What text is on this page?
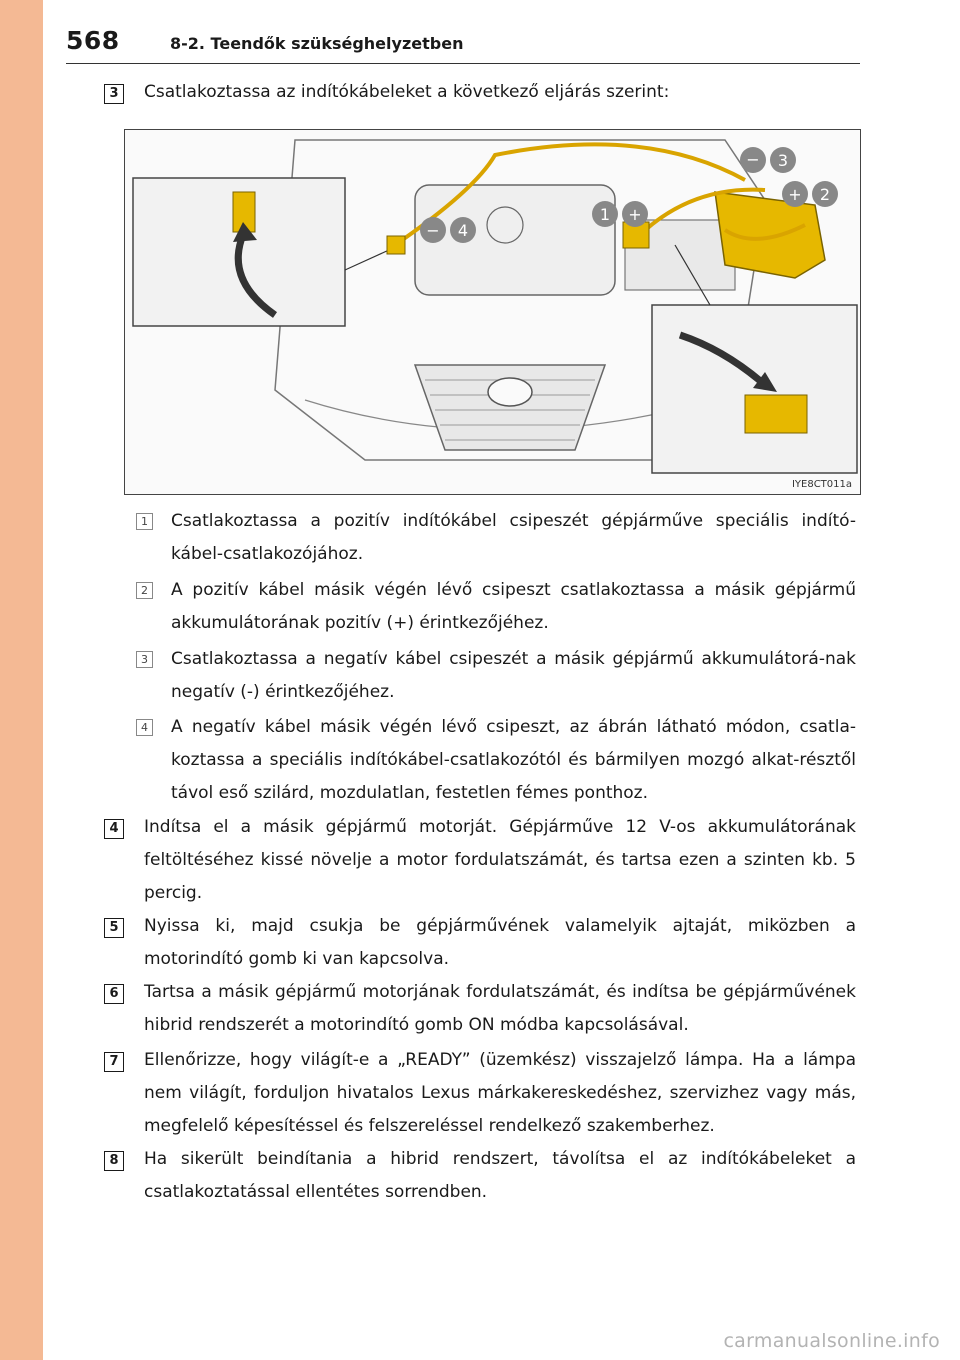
568	8-2. Teendők szükséghelyzetben
3	Csatlakoztassa az indítókábeleket a következő eljárás szerint:
− 3
+ 2
1 +
− 4
IYE8CT011a
1 Csatlakoztassa a pozitív indítókábel csipeszét gépjárművе speciális indító-kábel-csatlakozójához.
2 A pozitív kábel másik végén lévő csipeszt csatlakoztassa a másik gépjármű akkumulátorának pozitív (+) érintkezőjéhez.
3 Csatlakoztassa a negatív kábel csipeszét a másik gépjármű akkumulátorá-nak negatív (-) érintkezőjéhez.
4 A negatív kábel másik végén lévő csipeszt, az ábrán látható módon, csatla-koztassa a speciális indítókábel-csatlakozótól és bármilyen mozgó alkat-résztől távol eső szilárd, mozdulatlan, festetlen fémes ponthoz.
4	Indítsa el a másik gépjármű motorját. Gépjárműve 12 V-os akkumulátorának feltöltéséhez kissé növelje a motor fordulatszámát, és tartsa ezen a szinten kb. 5 percig.
5	Nyissa ki, majd csukja be gépjárművének valamelyik ajtaját, miközben a motorindító gomb ki van kapcsolva.
6	Tartsa a másik gépjármű motorjának fordulatszámát, és indítsa be gépjárművének hibrid rendszerét a motorindító gomb ON módba kapcsolásával.
7	Ellenőrizze, hogy világít-e a „READY” (üzemkész) visszajelző lámpa. Ha a lámpa nem világít, forduljon hivatalos Lexus márkakereskedéshez, szervizhez vagy más, megfelelő képesítéssel és felszereléssel rendelkező szakemberhez.
8	Ha sikerült beindítania a hibrid rendszert, távolítsa el az indítókábeleket a csatlakoztatással ellentétes sorrendben.
carmanualsonline.info
